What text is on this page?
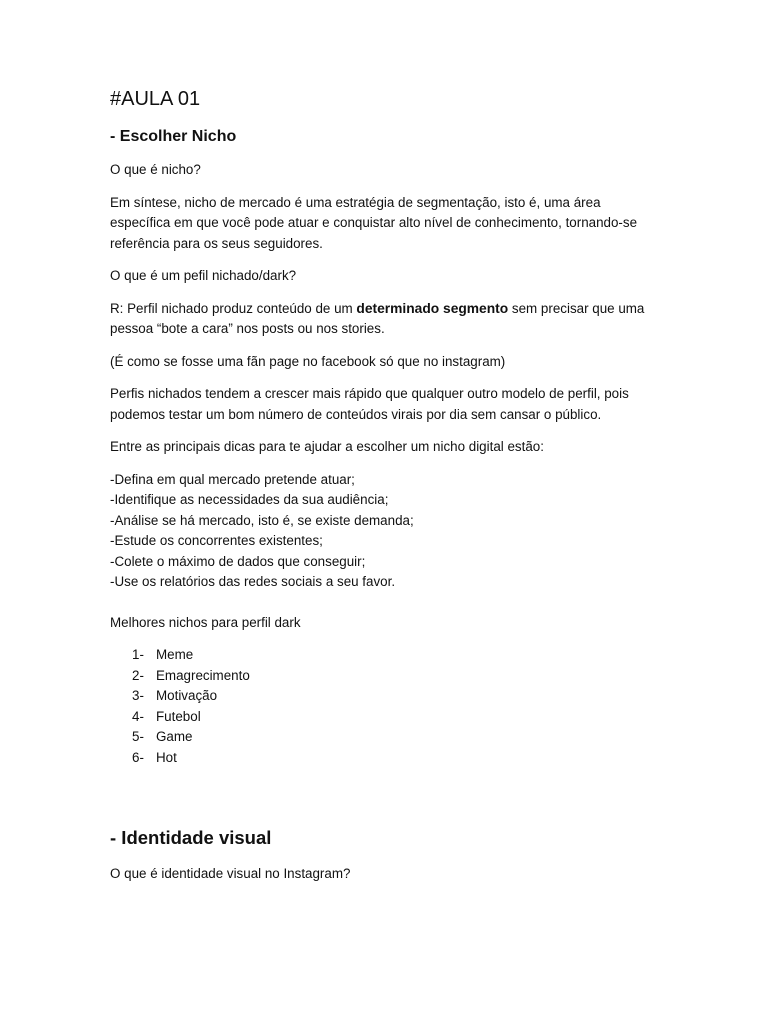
#AULA 01
- Escolher Nicho

O que é nicho?

Em síntese, nicho de mercado é uma estratégia de segmentação, isto é, uma área específica em que você pode atuar e conquistar alto nível de conhecimento, tornando-se referência para os seus seguidores.

O que é um pefil nichado/dark?

R: Perfil nichado produz conteúdo de um determinado segmento sem precisar que uma pessoa “bote a cara” nos posts ou nos stories.

(É como se fosse uma fãn page no facebook só que no instagram)

Perfis nichados tendem a crescer mais rápido que qualquer outro modelo de perfil, pois podemos testar um bom número de conteúdos virais por dia sem cansar o público.

Entre as principais dicas para te ajudar a escolher um nicho digital estão:

-Defina em qual mercado pretende atuar;
-Identifique as necessidades da sua audiência;
-Análise se há mercado, isto é, se existe demanda;
-Estude os concorrentes existentes;
-Colete o máximo de dados que conseguir;
-Use os relatórios das redes sociais a seu favor.

Melhores nichos para perfil dark

1- Meme
2- Emagrecimento
3- Motivação
4- Futebol
5- Game
6- Hot
- Identidade visual

O que é identidade visual no Instagram?
